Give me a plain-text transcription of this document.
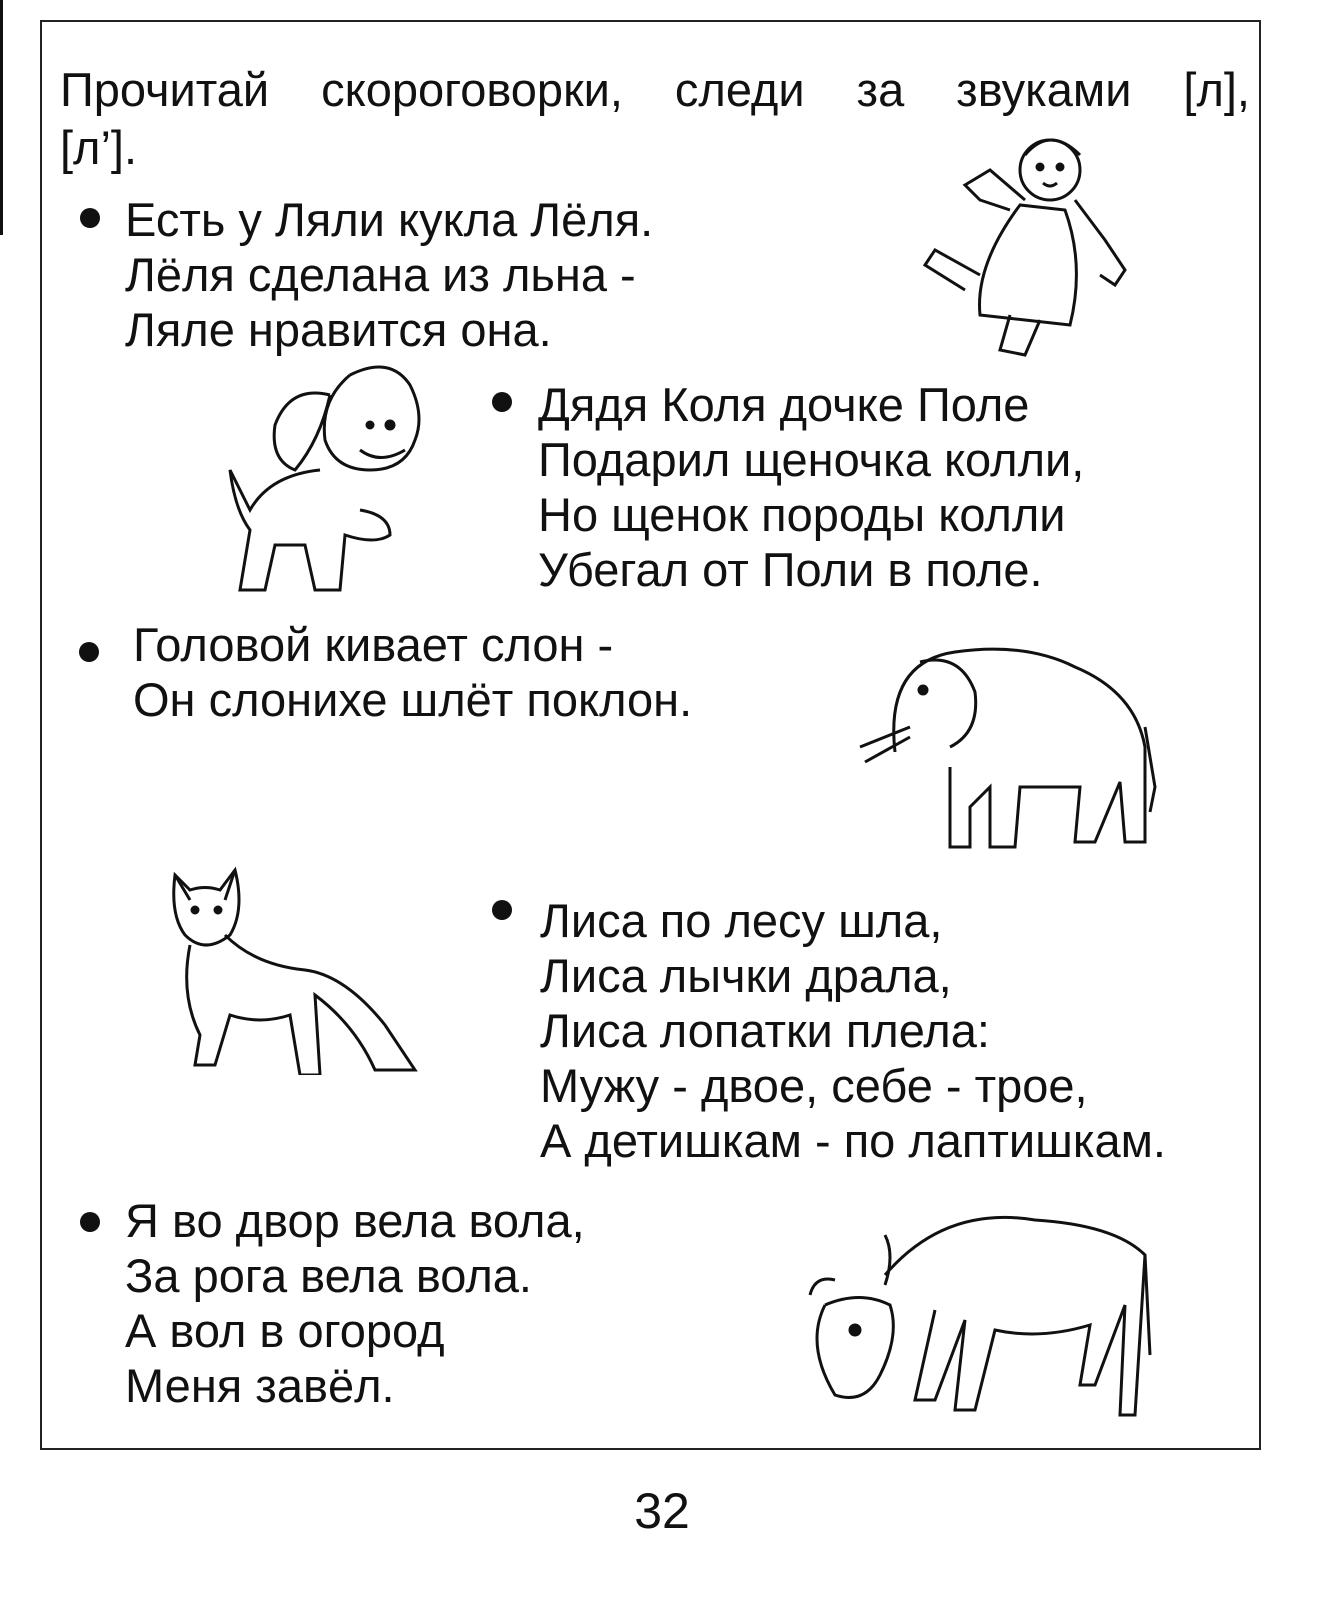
Прочитай скороговорки, следи за звуками [л],
[л’].
Есть у Ляли кукла Лёля.
Лёля сделана из льна -
Ляле нравится она.
Дядя Коля дочке Поле
Подарил щеночка колли,
Но щенок породы колли
Убегал от Поли в поле.
Головой кивает слон -
Он слонихе шлёт поклон.
Лиса по лесу шла,
Лиса лычки драла,
Лиса лопатки плела:
Мужу - двое, себе - трое,
А детишкам - по лаптишкам.
Я во двор вела вола,
За рога вела вола.
А вол в огород
Меня завёл.
32
